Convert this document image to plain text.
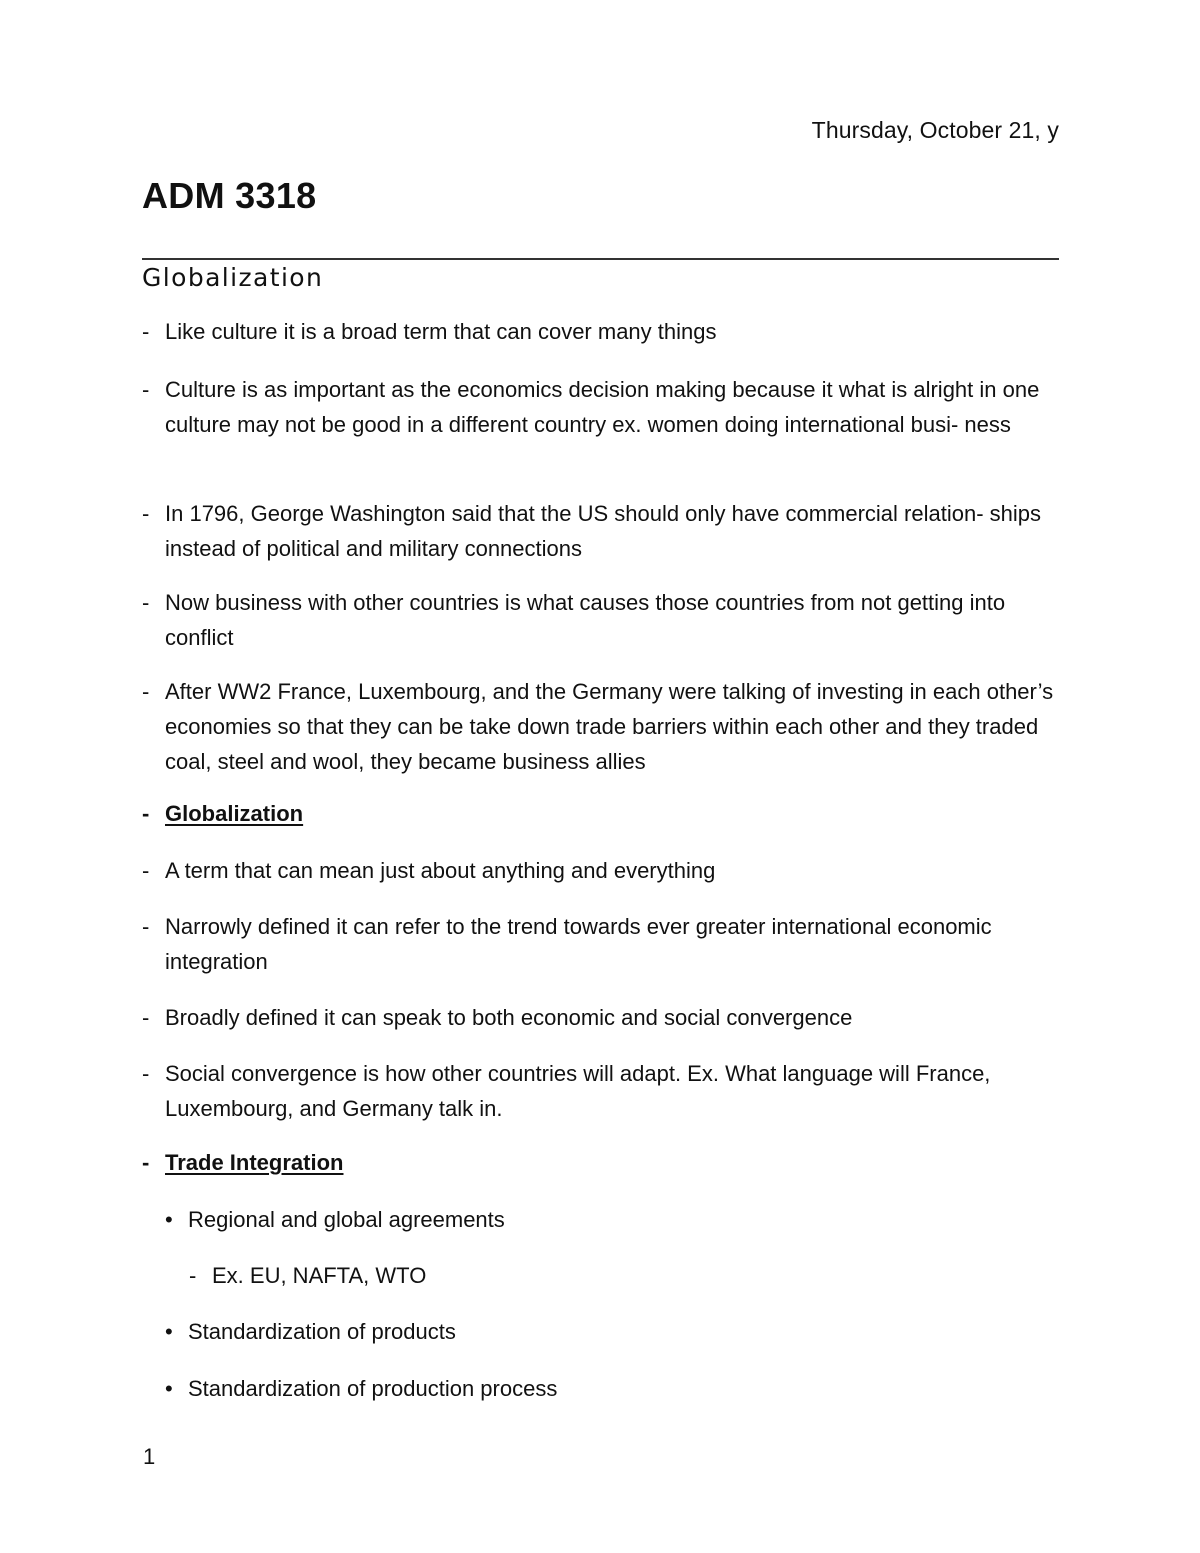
Thursday, October 21, y
ADM 3318
Globalization
- Like culture it is a broad term that can cover many things
- Culture is as important as the economics decision making because it what is alright in one culture may not be good in a different country ex. women doing international busi- ness
- In 1796, George Washington said that the US should only have commercial relation- ships instead of political and military connections
- Now business with other countries is what causes those countries from not getting into conflict
- After WW2 France, Luxembourg, and the Germany were talking of investing in each other’s economies so that they can be take down trade barriers within each other and they traded coal, steel and wool, they became business allies
- Globalization
- A term that can mean just about anything and everything
- Narrowly defined it can refer to the trend towards ever greater international economic integration
- Broadly defined it can speak to both economic and social convergence
- Social convergence is how other countries will adapt. Ex. What language will France, Luxembourg, and Germany talk in.
- Trade Integration
• Regional and global agreements
- Ex. EU, NAFTA, WTO
• Standardization of products
• Standardization of production process
1
